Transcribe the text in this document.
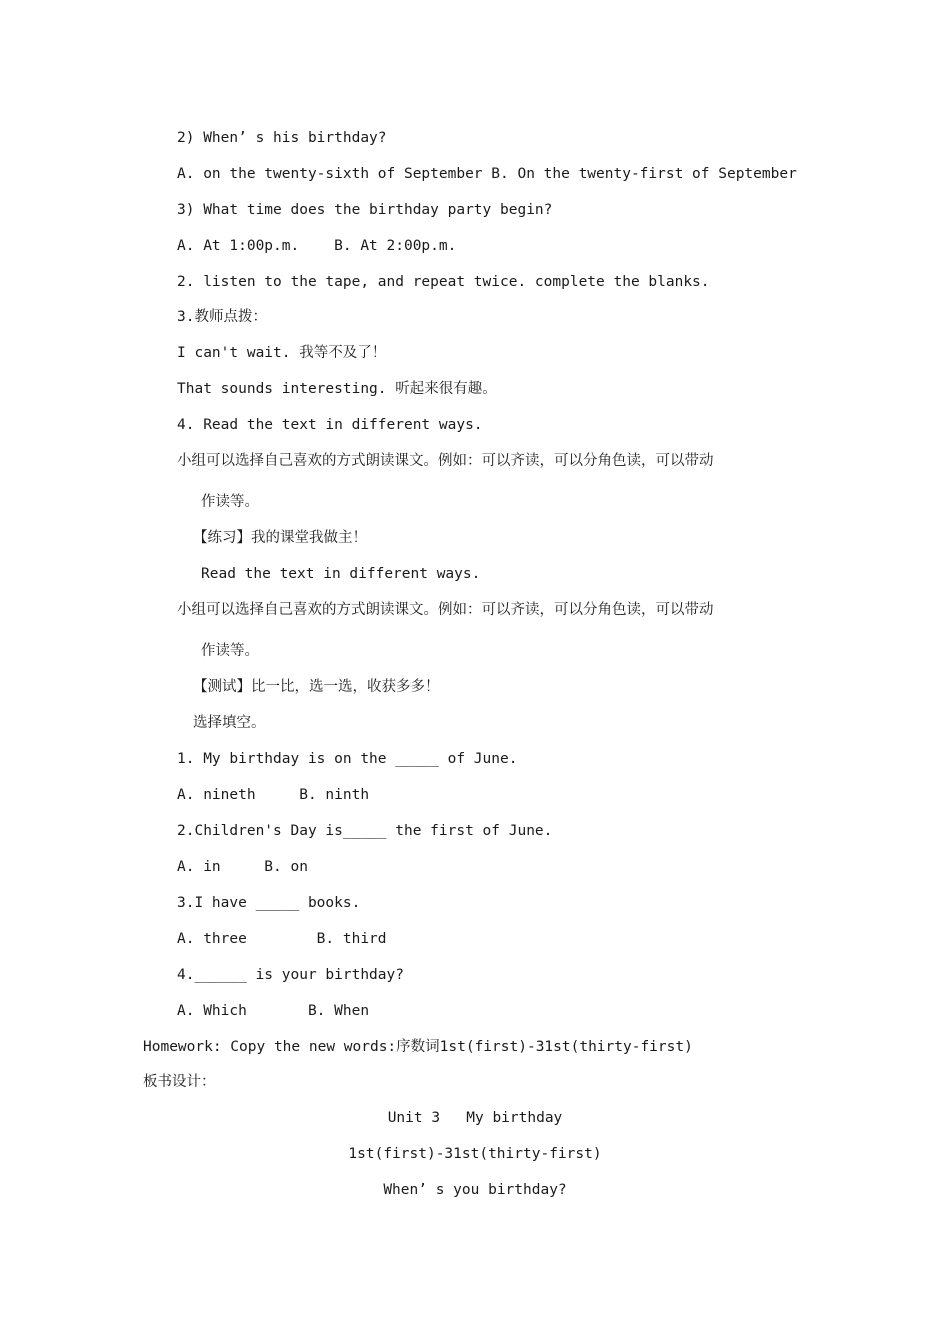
2) When’ s his birthday?
A. on the twenty-sixth of September B. On the twenty-first of September
3) What time does the birthday party begin?
A. At 1:00p.m.    B. At 2:00p.m.
2. listen to the tape, and repeat twice. complete the blanks.
3.教师点拨：
I can't wait. 我等不及了！
That sounds interesting. 听起来很有趣。
4. Read the text in different ways.
小组可以选择自己喜欢的方式朗读课文。例如：可以齐读，可以分角色读，可以带动
作读等。
【练习】我的课堂我做主！
Read the text in different ways.
小组可以选择自己喜欢的方式朗读课文。例如：可以齐读，可以分角色读，可以带动
作读等。
【测试】比一比，选一选，收获多多！
选择填空。
1. My birthday is on the _____ of June.
A. nineth     B. ninth
2.Children's Day is_____ the first of June.
A. in     B. on
3.I have _____ books.
A. three        B. third
4.______ is your birthday?
A. Which       B. When
Homework: Copy the new words:序数词1st(first)-31st(thirty-first)
板书设计：
Unit 3   My birthday
1st(first)-31st(thirty-first)
When’ s you birthday?
